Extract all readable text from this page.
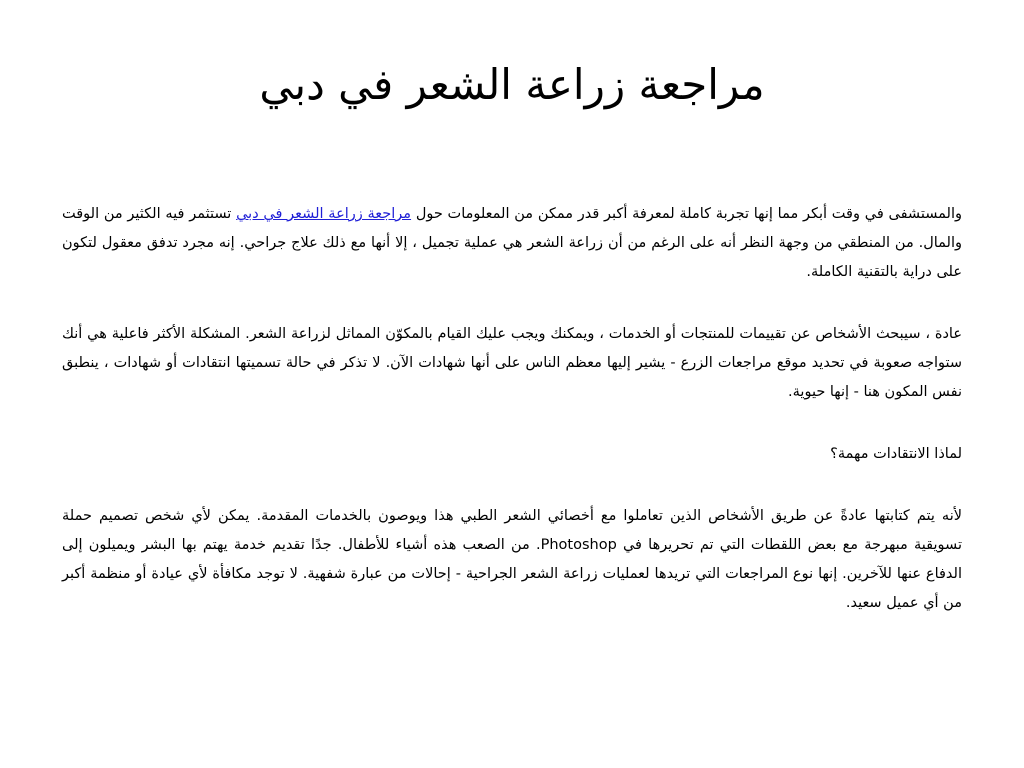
مراجعة زراعة الشعر في دبي

والمستشفى في وقت أبكر مما إنها تجربة كاملة لمعرفة أكبر قدر ممكن من المعلومات حول مراجعة زراعة الشعر في دبي تستثمر فيه الكثير من الوقت والمال. من المنطقي من وجهة النظر أنه على الرغم من أن زراعة الشعر هي عملية تجميل ، إلا أنها مع ذلك علاج جراحي. إنه مجرد تدفق معقول لتكون على دراية بالتقنية الكاملة.

عادة ، سيبحث الأشخاص عن تقييمات للمنتجات أو الخدمات ، ويمكنك ويجب عليك القيام بالمكوّن المماثل لزراعة الشعر. المشكلة الأكثر فاعلية هي أنك ستواجه صعوبة في تحديد موقع مراجعات الزرع - يشير إليها معظم الناس على أنها شهادات الآن. لا تذكر في حالة تسميتها انتقادات أو شهادات ، ينطبق نفس المكون هنا - إنها حيوية.

لماذا الانتقادات مهمة؟

لأنه يتم كتابتها عادةً عن طريق الأشخاص الذين تعاملوا مع أخصائي الشعر الطبي هذا ويوصون بالخدمات المقدمة. يمكن لأي شخص تصميم حملة تسويقية مبهرجة مع بعض اللقطات التي تم تحريرها في Photoshop. من الصعب هذه أشياء للأطفال. جدًا تقديم خدمة يهتم بها البشر ويميلون إلى الدفاع عنها للآخرين. إنها نوع المراجعات التي تريدها لعمليات زراعة الشعر الجراحية - إحالات من عبارة شفهية. لا توجد مكافأة لأي عيادة أو منظمة أكبر من أي عميل سعيد.
